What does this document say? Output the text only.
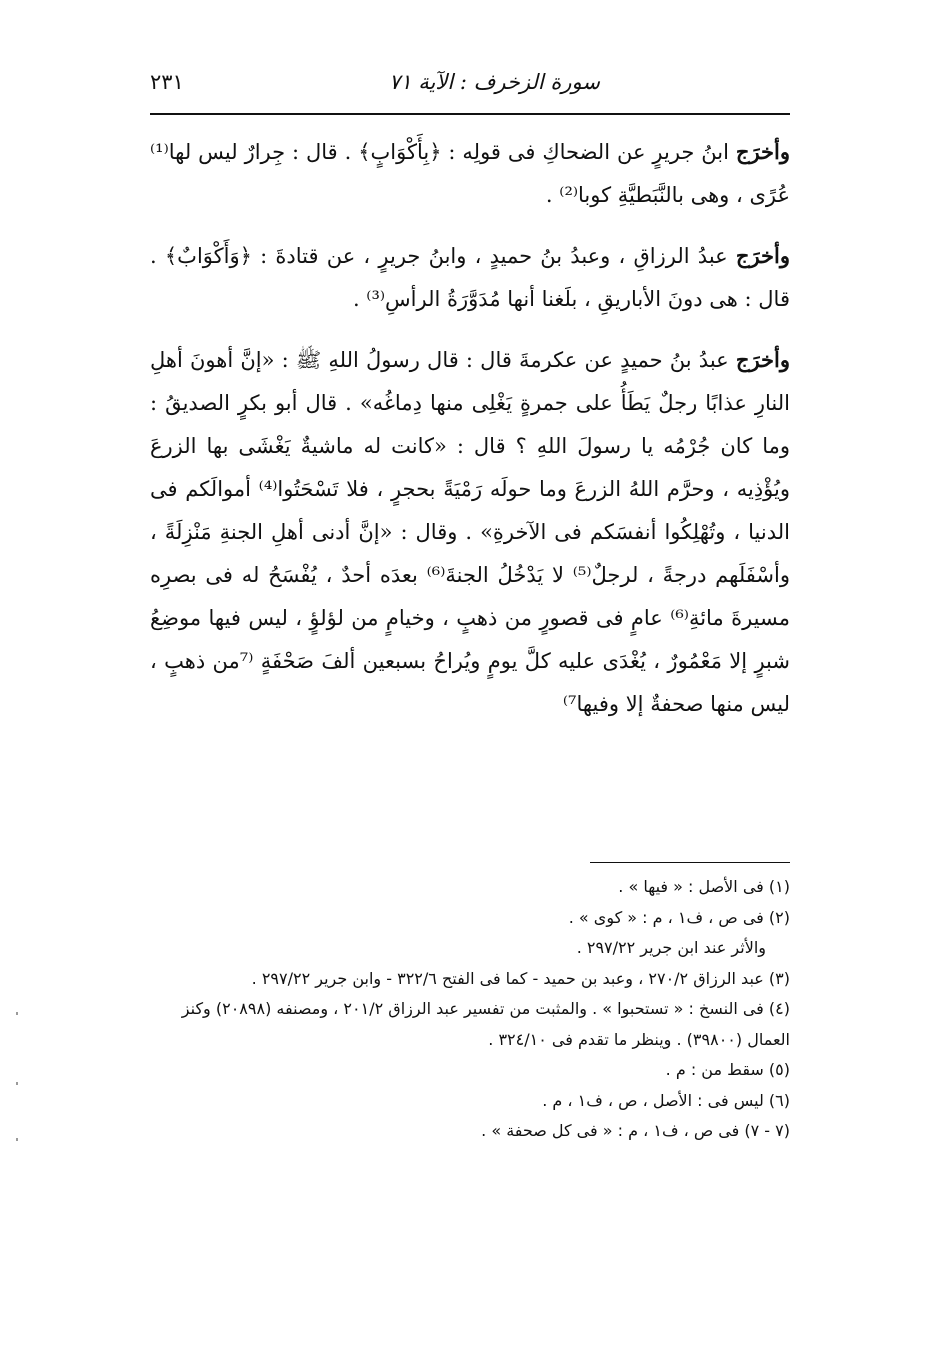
سورة الزخرف : الآية ٧١
٢٣١

وأخرَج ابنُ جريرٍ عن الضحاكِ فى قولِه : ﴿بِأَكْوَابٍ﴾ . قال : جِرارٌ ليس لها⁽¹⁾ عُرًى ، وهى بالنَّبَطيَّةِ كوبا⁽²⁾ .

وأخرَج عبدُ الرزاقِ ، وعبدُ بنُ حميدٍ ، وابنُ جريرٍ ، عن قتادةَ : ﴿وَأَكْوَابٌ﴾ . قال : هى دونَ الأباريقِ ، بلَغنا أنها مُدَوَّرَةُ الرأسِ⁽³⁾ .

وأخرَج عبدُ بنُ حميدٍ عن عكرمةَ قال : قال رسولُ اللهِ ﷺ : «إنَّ أهونَ أهلِ النارِ عذابًا رجلٌ يَطَأُ على جمرةٍ يَغْلِى منها دِماغُه» . قال أبو بكرٍ الصديقُ : وما كان جُرْمُه يا رسولَ اللهِ ؟ قال : «كانت له ماشيةٌ يَغْشَى بها الزرعَ ويُؤْذِيه ، وحرَّم اللهُ الزرعَ وما حولَه رَمْيَةً بحجرٍ ، فلا تَسْحَتُوا⁽⁴⁾ أموالَكم فى الدنيا ، وتُهْلِكُوا أنفسَكم فى الآخرةِ» . وقال : «إنَّ أدنى أهلِ الجنةِ مَنْزِلَةً ، وأسْفَلَهم درجةً ، لرجلٌ⁽⁵⁾ لا يَدْخُلُ الجنةَ⁽⁶⁾ بعدَه أحدٌ ، يُفْسَحُ له فى بصرِه مسيرةَ مائةِ⁽⁶⁾ عامٍ فى قصورٍ من ذهبٍ ، وخيامٍ من لؤلؤٍ ، ليس فيها موضِعُ شبرٍ إلا مَعْمُورٌ ، يُغْدَى عليه كلَّ يومٍ ويُراحُ بسبعين ألفَ صَحْفَةٍ ⁽⁷من ذهبٍ ، ليس منها صحفةٌ إلا وفيها⁷⁾

(١) فى الأصل : « فيها » .

(٢) فى ص ، ف١ ، م : « كوى » .

والأثر عند ابن جرير ٢٩٧/٢٢ .

(٣) عبد الرزاق ٢٧٠/٢ ، وعبد بن حميد - كما فى الفتح ٣٢٢/٦ - وابن جرير ٢٩٧/٢٢ .

(٤) فى النسخ : « تستحبوا » . والمثبت من تفسير عبد الرزاق ٢٠١/٢ ، ومصنفه (٢٠٨٩٨) وكنز العمال (٣٩٨٠٠) . وينظر ما تقدم فى ٣٢٤/١٠ .

(٥) سقط من : م .

(٦) ليس فى : الأصل ، ص ، ف١ ، م .

(٧ - ٧) فى ص ، ف١ ، م : « فى كل صحفة » .
